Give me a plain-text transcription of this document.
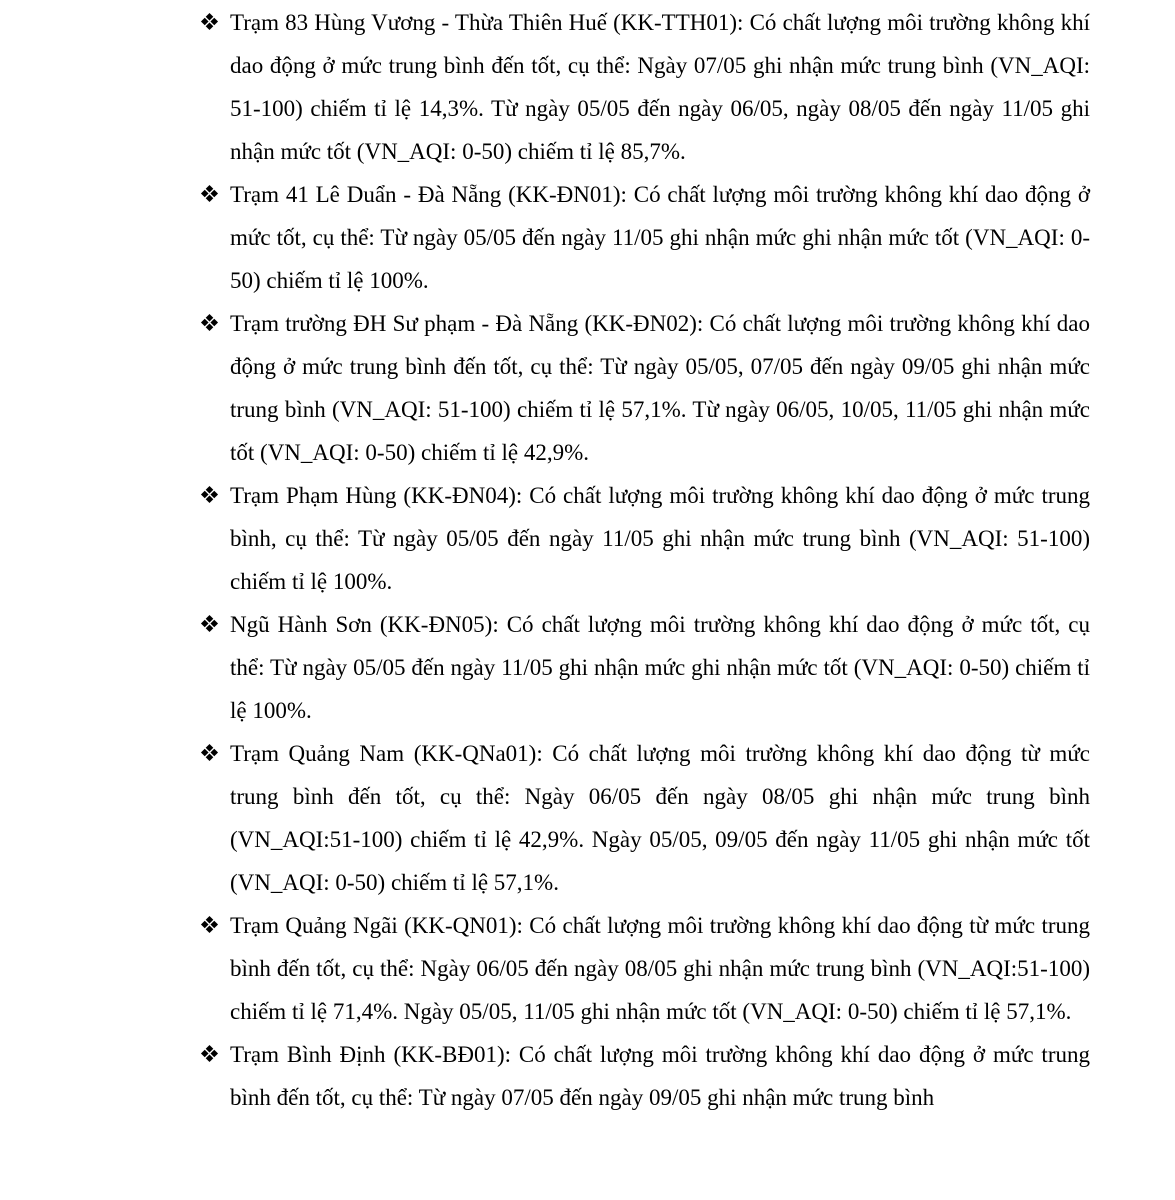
Trạm 83 Hùng Vương - Thừa Thiên Huế (KK-TTH01): Có chất lượng môi trường không khí dao động ở mức trung bình đến tốt, cụ thể: Ngày 07/05 ghi nhận mức trung bình (VN_AQI: 51-100) chiếm tỉ lệ 14,3%. Từ ngày 05/05 đến ngày 06/05, ngày 08/05 đến ngày 11/05 ghi nhận mức tốt (VN_AQI: 0-50) chiếm tỉ lệ 85,7%.
Trạm 41 Lê Duẩn - Đà Nẵng (KK-ĐN01): Có chất lượng môi trường không khí dao động ở mức tốt, cụ thể: Từ ngày 05/05 đến ngày 11/05 ghi nhận mức ghi nhận mức tốt (VN_AQI: 0-50) chiếm tỉ lệ 100%.
Trạm trường ĐH Sư phạm - Đà Nẵng (KK-ĐN02): Có chất lượng môi trường không khí dao động ở mức trung bình đến tốt, cụ thể: Từ ngày 05/05, 07/05 đến ngày 09/05 ghi nhận mức trung bình (VN_AQI: 51-100) chiếm tỉ lệ 57,1%. Từ ngày 06/05, 10/05, 11/05 ghi nhận mức tốt (VN_AQI: 0-50) chiếm tỉ lệ 42,9%.
Trạm Phạm Hùng (KK-ĐN04): Có chất lượng môi trường không khí dao động ở mức trung bình, cụ thể: Từ ngày 05/05 đến ngày 11/05 ghi nhận mức trung bình (VN_AQI: 51-100) chiếm tỉ lệ 100%.
Ngũ Hành Sơn (KK-ĐN05): Có chất lượng môi trường không khí dao động ở mức tốt, cụ thể: Từ ngày 05/05 đến ngày 11/05 ghi nhận mức ghi nhận mức tốt (VN_AQI: 0-50) chiếm tỉ lệ 100%.
Trạm Quảng Nam (KK-QNa01): Có chất lượng môi trường không khí dao động từ mức trung bình đến tốt, cụ thể: Ngày 06/05 đến ngày 08/05 ghi nhận mức trung bình (VN_AQI:51-100) chiếm tỉ lệ 42,9%. Ngày 05/05, 09/05 đến ngày 11/05 ghi nhận mức tốt (VN_AQI: 0-50) chiếm tỉ lệ 57,1%.
Trạm Quảng Ngãi (KK-QN01): Có chất lượng môi trường không khí dao động từ mức trung bình đến tốt, cụ thể: Ngày 06/05 đến ngày 08/05 ghi nhận mức trung bình (VN_AQI:51-100) chiếm tỉ lệ 71,4%. Ngày 05/05, 11/05 ghi nhận mức tốt (VN_AQI: 0-50) chiếm tỉ lệ 57,1%.
Trạm Bình Định (KK-BĐ01): Có chất lượng môi trường không khí dao động ở mức trung bình đến tốt, cụ thể: Từ ngày 07/05 đến ngày 09/05 ghi nhận mức trung bình
